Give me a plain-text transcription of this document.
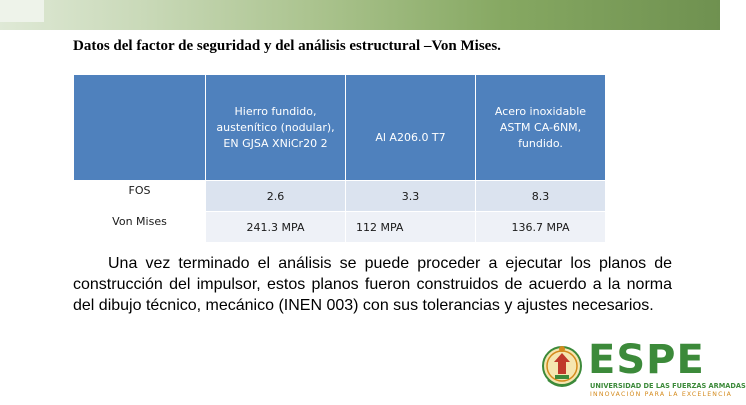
Datos del factor de seguridad y del análisis estructural –Von Mises.
	Hierro fundido, austenítico (nodular), EN GJSA XNiCr20 2	Al A206.0 T7	Acero inoxidable ASTM CA-6NM, fundido.
FOS	2.6	3.3	8.3
Von Mises	241.3 MPA	112 MPA	136.7 MPA

Una vez terminado el análisis se puede proceder a ejecutar los planos de construcción del impulsor, estos planos fueron construidos de acuerdo a la norma del dibujo técnico, mecánico (INEN 003) con sus tolerancias y ajustes necesarios.

ESPE
UNIVERSIDAD DE LAS FUERZAS ARMADAS
INNOVACIÓN PARA LA EXCELENCIA
